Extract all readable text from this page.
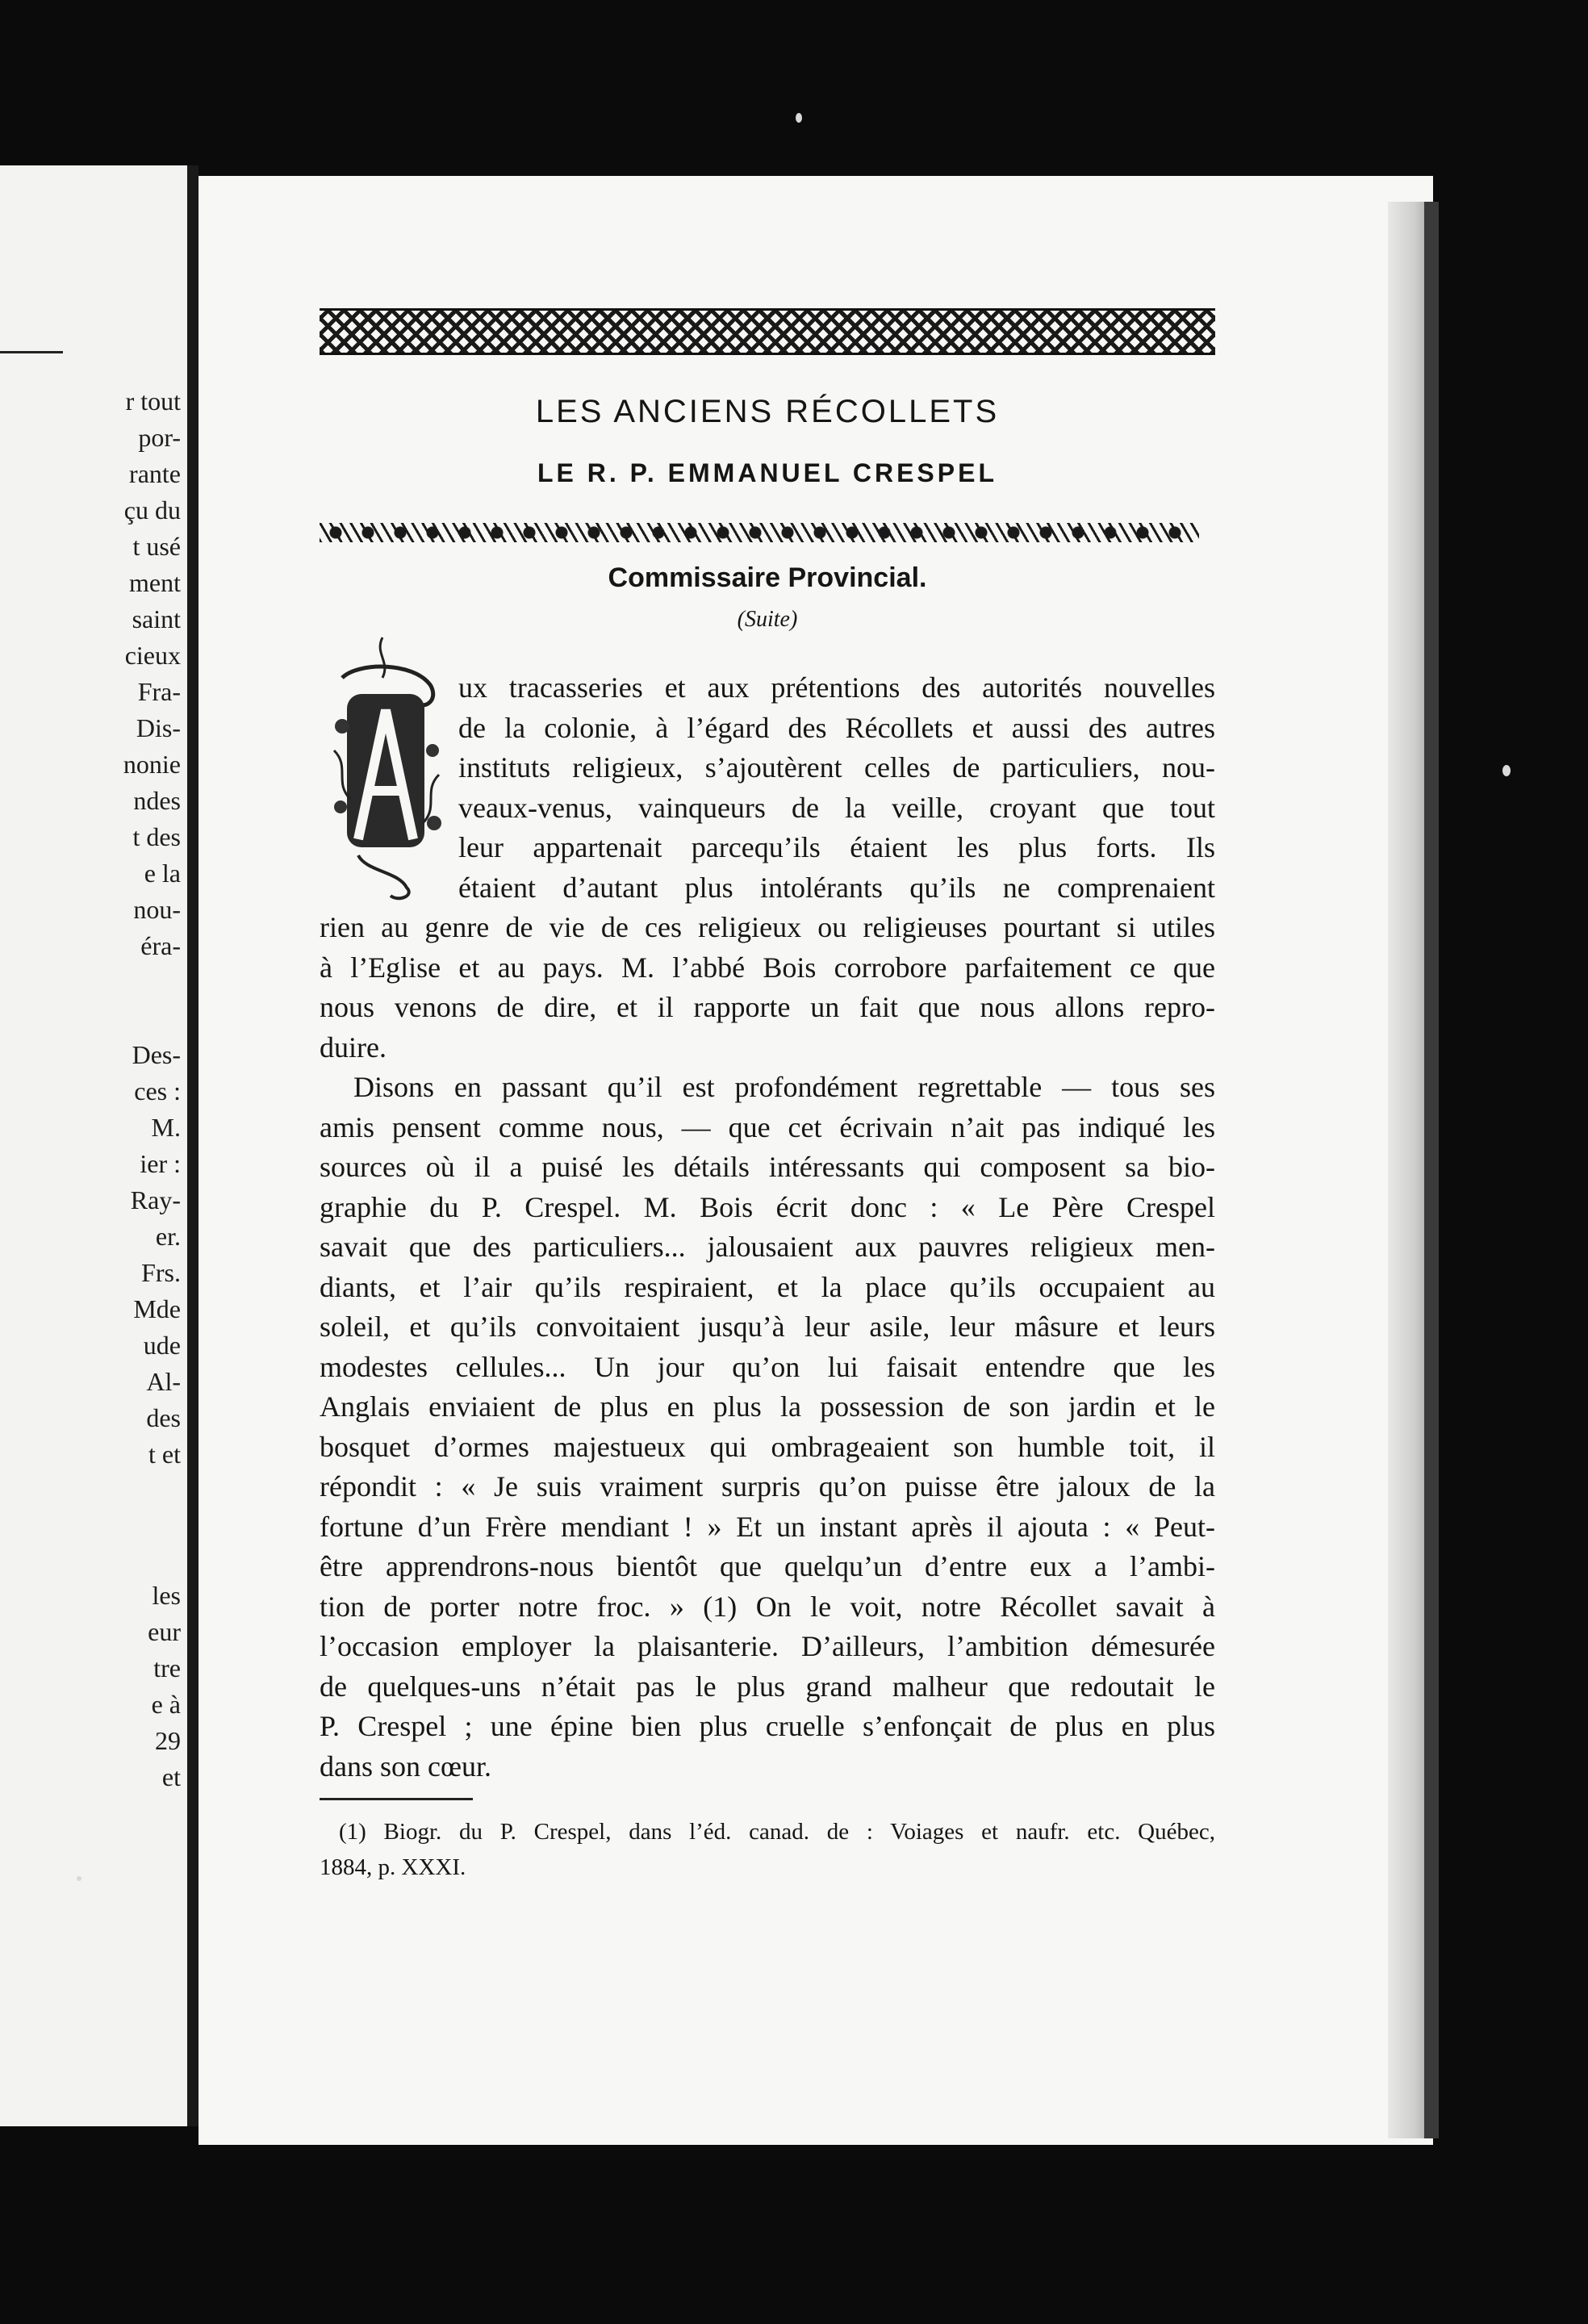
r tout
por-
rante
çu du
t usé
ment
saint
cieux
Fra-
Dis-
nonie
ndes
t des
e la
nou-
éra-
Des-
ces :
M.
ier :
Ray-
er.
Frs.
Mde
ude
Al-
des
t et
les
eur
tre
e à
29
et
LES ANCIENS RÉCOLLETS
LE R. P. EMMANUEL CRESPEL
Commissaire Provincial.
(Suite)
ux tracasseries et aux prétentions des autorités nouvelles
de la colonie, à l’égard des Récollets et aussi des autres
instituts religieux, s’ajoutèrent celles de particuliers, nou-
veaux-venus, vainqueurs de la veille, croyant que tout
leur appartenait parcequ’ils étaient les plus forts. Ils
étaient d’autant plus intolérants qu’ils ne comprenaient
rien au genre de vie de ces religieux ou religieuses pourtant si utiles
à l’Eglise et au pays. M. l’abbé Bois corrobore parfaitement ce que
nous venons de dire, et il rapporte un fait que nous allons repro-
duire.
Disons en passant qu’il est profondément regrettable — tous ses
amis pensent comme nous, — que cet écrivain n’ait pas indiqué les
sources où il a puisé les détails intéressants qui composent sa bio-
graphie du P. Crespel. M. Bois écrit donc : « Le Père Crespel
savait que des particuliers... jalousaient aux pauvres religieux men-
diants, et l’air qu’ils respiraient, et la place qu’ils occupaient au
soleil, et qu’ils convoitaient jusqu’à leur asile, leur mâsure et leurs
modestes cellules... Un jour qu’on lui faisait entendre que les
Anglais enviaient de plus en plus la possession de son jardin et le
bosquet d’ormes majestueux qui ombrageaient son humble toit, il
répondit : « Je suis vraiment surpris qu’on puisse être jaloux de la
fortune d’un Frère mendiant ! » Et un instant après il ajouta : « Peut-
être apprendrons-nous bientôt que quelqu’un d’entre eux a l’ambi-
tion de porter notre froc. » (1) On le voit, notre Récollet savait à
l’occasion employer la plaisanterie. D’ailleurs, l’ambition démesurée
de quelques-uns n’était pas le plus grand malheur que redoutait le
P. Crespel ; une épine bien plus cruelle s’enfonçait de plus en plus
dans son cœur.
(1) Biogr. du P. Crespel, dans l’éd. canad. de : Voiages et naufr. etc. Québec,
1884, p. XXXI.
